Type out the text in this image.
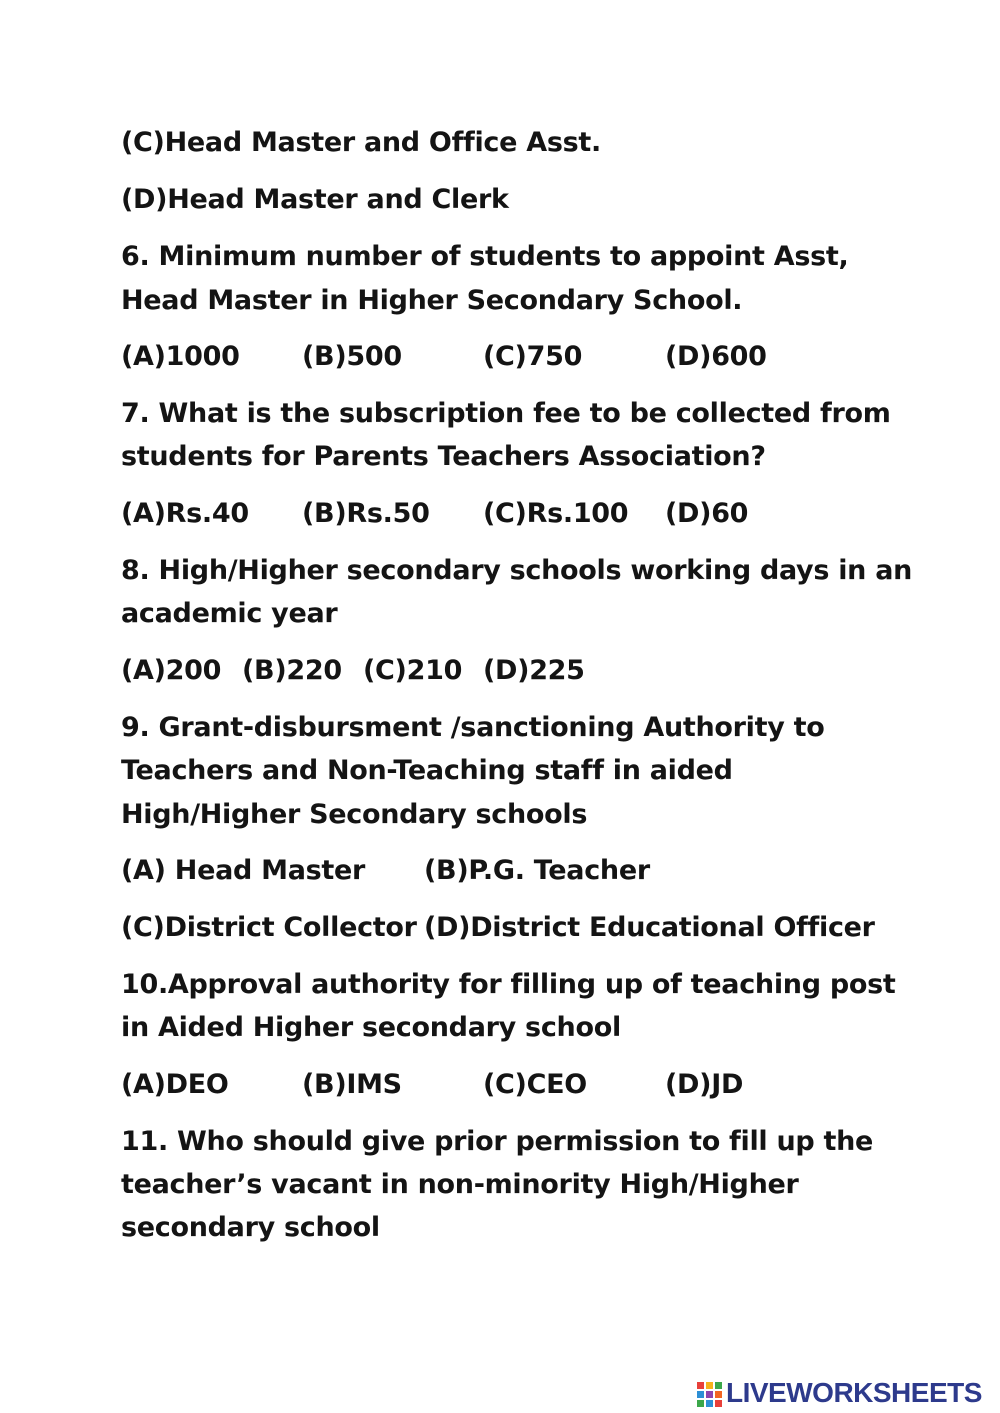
(C)Head Master and Office Asst.
(D)Head Master and Clerk
6. Minimum number of students to appoint Asst,
Head Master in Higher Secondary School.
(A)1000 (B)500	(C)750	(D)600
7. What is the subscription fee to be collected from
students for Parents Teachers Association?
(A)Rs.40 (B)Rs.50 (C)Rs.100 (D)60
8. High/Higher secondary schools working days in an
academic year
(A)200 (B)220 (C)210 (D)225
9. Grant-disbursment /sanctioning Authority to
Teachers and Non-Teaching staff in aided
High/Higher Secondary schools
(A) Head Master (B)P.G. Teacher
(C)District Collector (D)District Educational Officer
10.Approval authority for filling up of teaching post
in Aided Higher secondary school
(A)DEO	(B)IMS	(C)CEO	(D)JD
11. Who should give prior permission to fill up the
teacher’s vacant in non-minority High/Higher
secondary school
LIVEWORKSHEETS
